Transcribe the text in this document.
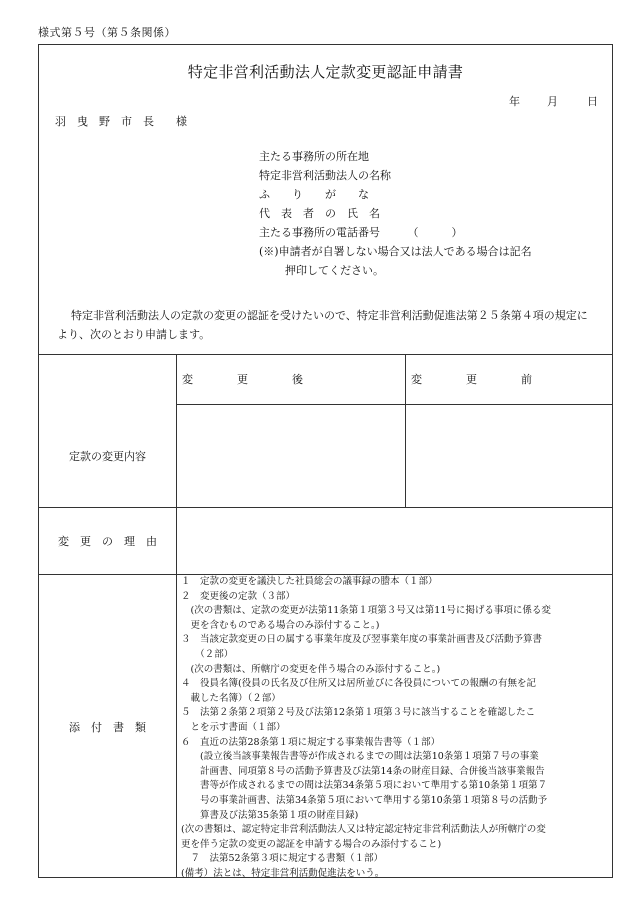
様式第５号（第５条関係）
特定非営利活動法人定款変更認証申請書
年 月	日
羽　曳　野　市　長　　様
主たる事務所の所在地
特定非営利活動法人の名称
ふ　　り　　が　　な
代　表　者　の　氏　名
主たる事務所の電話番号　　　（　　　）
(※)申請者が自署しない場合又は法人である場合は記名
押印してください。
特定非営利活動法人の定款の変更の認証を受けたいので、特定非営利活動促進法第２５条第４項の規定により、次のとおり申請します。
変　　　　更　　　　後	変　　　　更　　　　前
定款の変更内容
変　更　の　理　由
添　付　書　類
１　定款の変更を議決した社員総会の議事録の謄本（１部）
２　変更後の定款（３部）
　(次の書類は、定款の変更が法第11条第１項第３号又は第11号に掲げる事項に係る変
　更を含むものである場合のみ添付すること。)
３　当該定款変更の日の属する事業年度及び翌事業年度の事業計画書及び活動予算書
　　（２部）
　(次の書類は、所轄庁の変更を伴う場合のみ添付すること。)
４　役員名簿(役員の氏名及び住所又は居所並びに各役員についての報酬の有無を記
　載した名簿）（２部）
５　法第２条第２項第２号及び法第12条第１項第３号に該当することを確認したこ
　とを示す書面（１部）
６　直近の法第28条第１項に規定する事業報告書等（１部）
　　(設立後当該事業報告書等が作成されるまでの間は法第10条第１項第７号の事業
　　計画書、同項第８号の活動予算書及び法第14条の財産目録、合併後当該事業報告
　　書等が作成されるまでの間は法第34条第５項において準用する第10条第１項第７
　　号の事業計画書、法第34条第５項において準用する第10条第１項第８号の活動予
　　算書及び法第35条第１項の財産目録)
(次の書類は、認定特定非営利活動法人又は特定認定特定非営利活動法人が所轄庁の変
更を伴う定款の変更の認証を申請する場合のみ添付すること)
　７　法第52条第３項に規定する書類（１部）
(備考）法とは、特定非営利活動促進法をいう。
